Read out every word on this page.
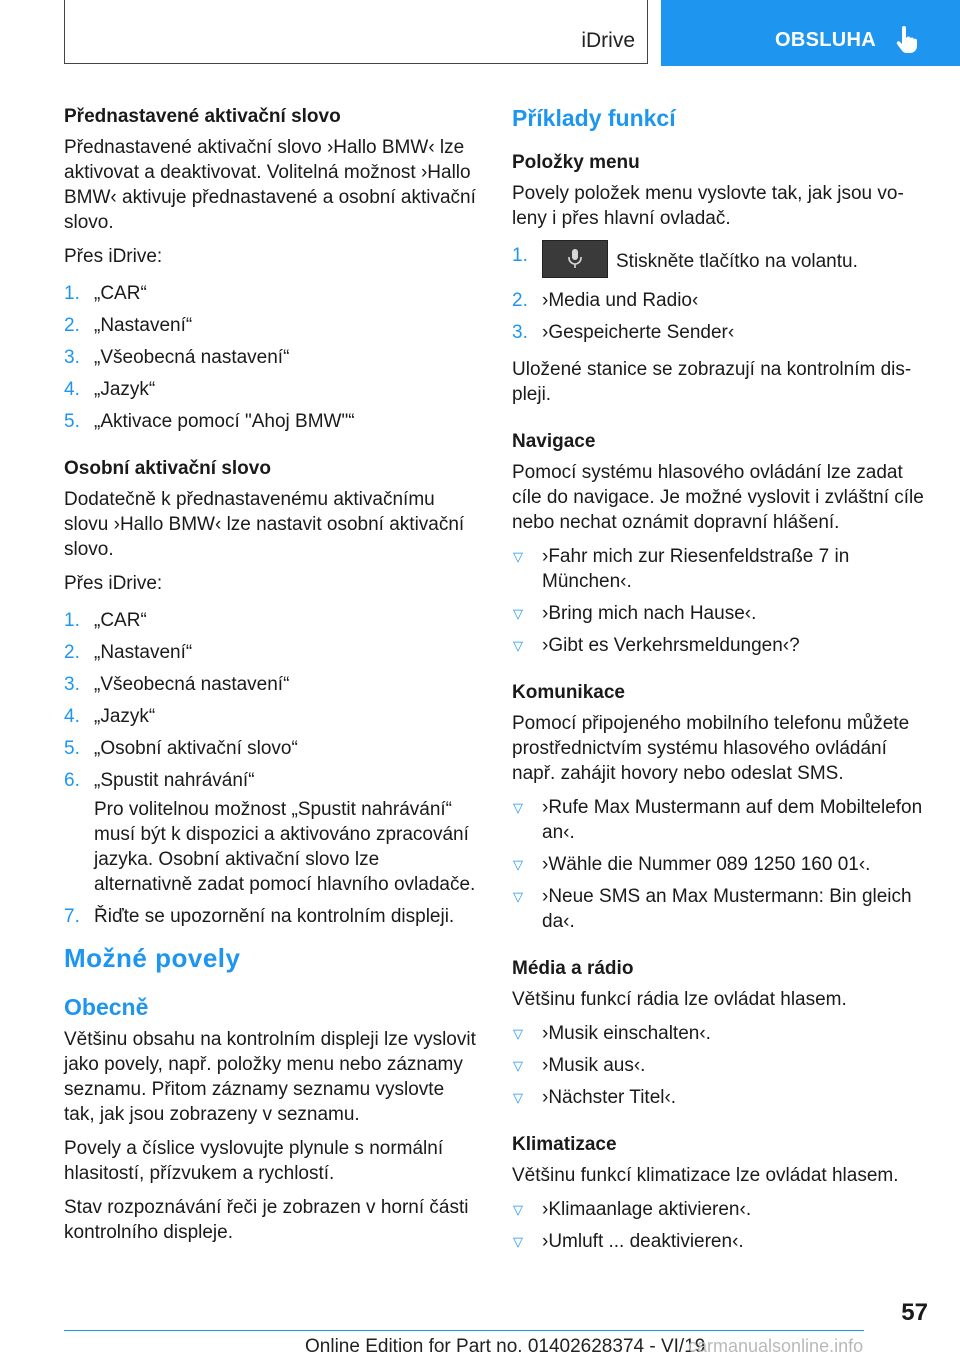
iDrive	OBSLUHA

Přednastavené aktivační slovo

Přednastavené aktivační slovo ›Hallo BMW‹ lze aktivovat a deaktivovat. Volitelná možnost ›Hallo BMW‹ aktivuje přednastavené a osobní aktivační slovo.

Přes iDrive:

1. „CAR“
2. „Nastavení“
3. „Všeobecná nastavení“
4. „Jazyk“
5. „Aktivace pomocí "Ahoj BMW"“

Osobní aktivační slovo

Dodatečně k přednastavenému aktivačnímu slovu ›Hallo BMW‹ lze nastavit osobní aktivační slovo.

Přes iDrive:

1. „CAR“
2. „Nastavení“
3. „Všeobecná nastavení“
4. „Jazyk“
5. „Osobní aktivační slovo“
6. „Spustit nahrávání“
Pro volitelnou možnost „Spustit nahrávání“ musí být k dispozici a aktivováno zpracování jazyka. Osobní aktivační slovo lze alternativně zadat pomocí hlavního ovladače.
7. Řiďte se upozornění na kontrolním displeji.
Možné povely
Obecně

Většinu obsahu na kontrolním displeji lze vyslovit jako povely, např. položky menu nebo záznamy seznamu. Přitom záznamy seznamu vyslovte tak, jak jsou zobrazeny v seznamu.

Povely a číslice vyslovujte plynule s normální hlasitostí, přízvukem a rychlostí.

Stav rozpoznávání řeči je zobrazen v horní části kontrolního displeje.

Příklady funkcí

Položky menu

Povely položek menu vyslovte tak, jak jsou voleny i přes hlavní ovladač.

1.	Stiskněte tlačítko na volantu.
2. ›Media und Radio‹
3. ›Gespeicherte Sender‹

Uložené stanice se zobrazují na kontrolním displeji.

Navigace

Pomocí systému hlasového ovládání lze zadat cíle do navigace. Je možné vyslovit i zvláštní cíle nebo nechat oznámit dopravní hlášení.

▽ ›Fahr mich zur Riesenfeldstraße 7 in München‹.
▽ ›Bring mich nach Hause‹.
▽ ›Gibt es Verkehrsmeldungen‹?

Komunikace

Pomocí připojeného mobilního telefonu můžete prostřednictvím systému hlasového ovládání např. zahájit hovory nebo odeslat SMS.

▽ ›Rufe Max Mustermann auf dem Mobiltelefon an‹.
▽ ›Wähle die Nummer 089 1250 160 01‹.
▽ ›Neue SMS an Max Mustermann: Bin gleich da‹.

Média a rádio

Většinu funkcí rádia lze ovládat hlasem.

▽ ›Musik einschalten‹.
▽ ›Musik aus‹.
▽ ›Nächster Titel‹.

Klimatizace

Většinu funkcí klimatizace lze ovládat hlasem.

▽ ›Klimaanlage aktivieren‹.
▽ ›Umluft ... deaktivieren‹.
57
Online Edition for Part no. 01402628374 - VI/19
carmanualsonline.info
